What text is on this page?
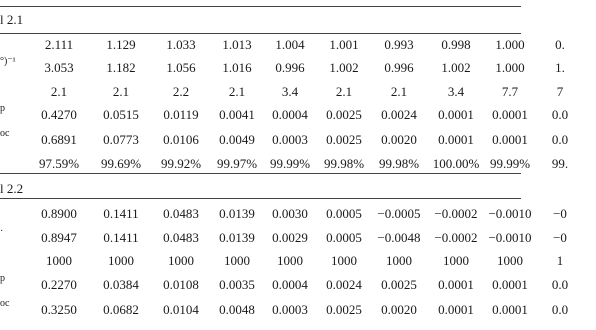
l 2.1
2.111	1.129	1.033	1.013	1.004	1.001	0.993	0.998	1.000	0.
°)⁻¹	3.053	1.182	1.056	1.016	0.996	1.002	0.996	1.002	1.000	1.
2.1	2.1	2.2	2.1	3.4	2.1	2.1	3.4	7.7	7
p	0.4270	0.0515	0.0119	0.0041	0.0004	0.0025	0.0024	0.0001	0.0001	0.0
oc	0.6891	0.0773	0.0106	0.0049	0.0003	0.0025	0.0020	0.0001	0.0001	0.0
97.59%	99.69%	99.92%	99.97% 99.99%	99.98%	99.98%	100.00% 99.99%	99.
l 2.2
0.8900	0.1411	0.0483	0.0139	0.0030	0.0005	−0.0005	−0.0002 −0.0010	−0
·	0.8947	0.1411	0.0483	0.0139	0.0029	0.0005	−0.0048	−0.0002 −0.0010	−0
1000	1000	1000	1000	1000	1000	1000	1000	1000	1
p	0.2270	0.0384	0.0108	0.0035	0.0004	0.0024	0.0025	0.0001	0.0001	0.0
oc	0.3250	0.0682	0.0104	0.0048	0.0003	0.0025	0.0020	0.0001	0.0001	0.0
